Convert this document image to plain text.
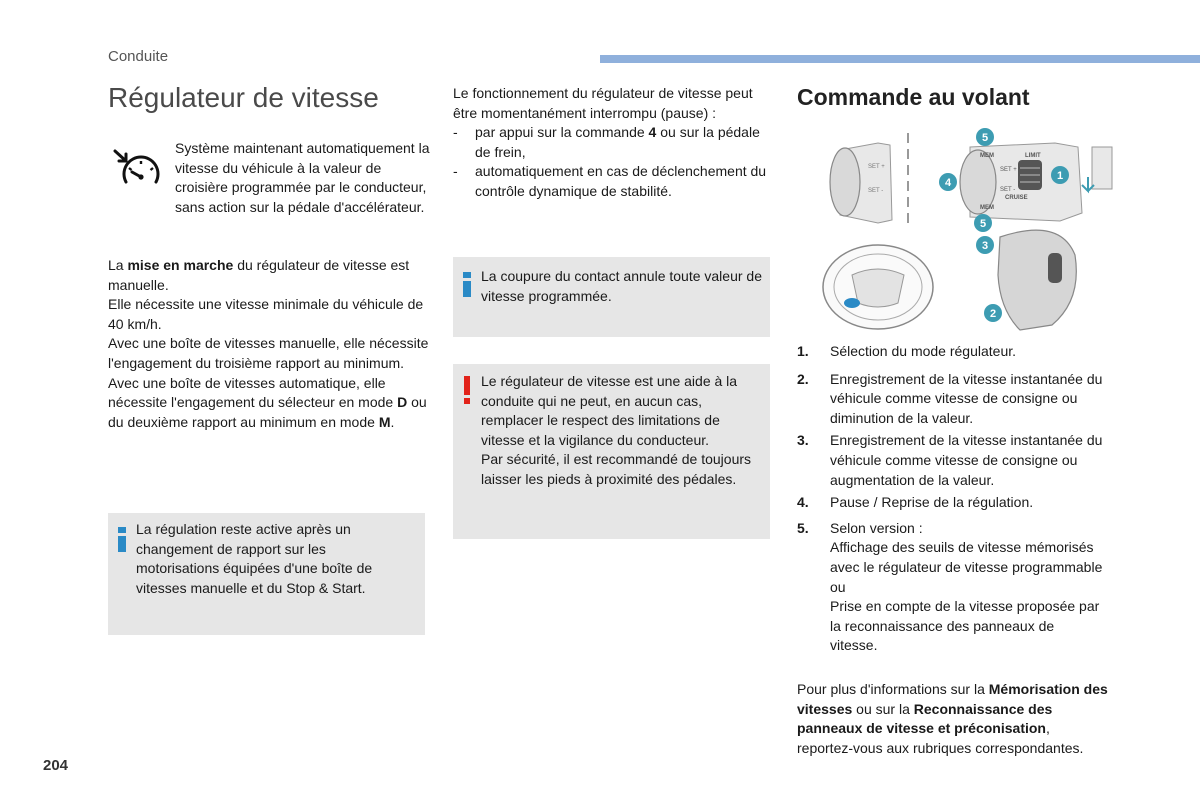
Conduite
Régulateur de vitesse
Système maintenant automatiquement la vitesse du véhicule à la valeur de croisière programmée par le conducteur, sans action sur la pédale d'accélérateur.

La mise en marche du régulateur de vitesse est manuelle.

Elle nécessite une vitesse minimale du véhicule de 40 km/h.

Avec une boîte de vitesses manuelle, elle nécessite l'engagement du troisième rapport au minimum.

Avec une boîte de vitesses automatique, elle nécessite l'engagement du sélecteur en mode D ou du deuxième rapport au minimum en mode M.

La régulation reste active après un changement de rapport sur les motorisations équipées d'une boîte de vitesses manuelle et du Stop & Start.

Le fonctionnement du régulateur de vitesse peut être momentanément interrompu (pause) :

- par appui sur la commande 4 ou sur la pédale de frein,
- automatiquement en cas de déclenchement du contrôle dynamique de stabilité.
La coupure du contact annule toute valeur de vitesse programmée.
Le régulateur de vitesse est une aide à la conduite qui ne peut, en aucun cas, remplacer le respect des limitations de vitesse et la vigilance du conducteur.
Par sécurité, il est recommandé de toujours laisser les pieds à proximité des pédales.
Commande au volant
SET +
SET -
MEM
SET +
SET -
LIMIT
MEM
CRUISE
5
4
1
5
3
2
1.	Sélection du mode régulateur.
2.	Enregistrement de la vitesse instantanée du véhicule comme vitesse de consigne ou diminution de la valeur.
3.	Enregistrement de la vitesse instantanée du véhicule comme vitesse de consigne ou augmentation de la valeur.
4.	Pause / Reprise de la régulation.
5.	Selon version :
Affichage des seuils de vitesse mémorisés avec le régulateur de vitesse programmable
ou
Prise en compte de la vitesse proposée par la reconnaissance des panneaux de vitesse.
Pour plus d'informations sur la Mémorisation des vitesses ou sur la Reconnaissance des panneaux de vitesse et préconisation, reportez-vous aux rubriques correspondantes.
204
